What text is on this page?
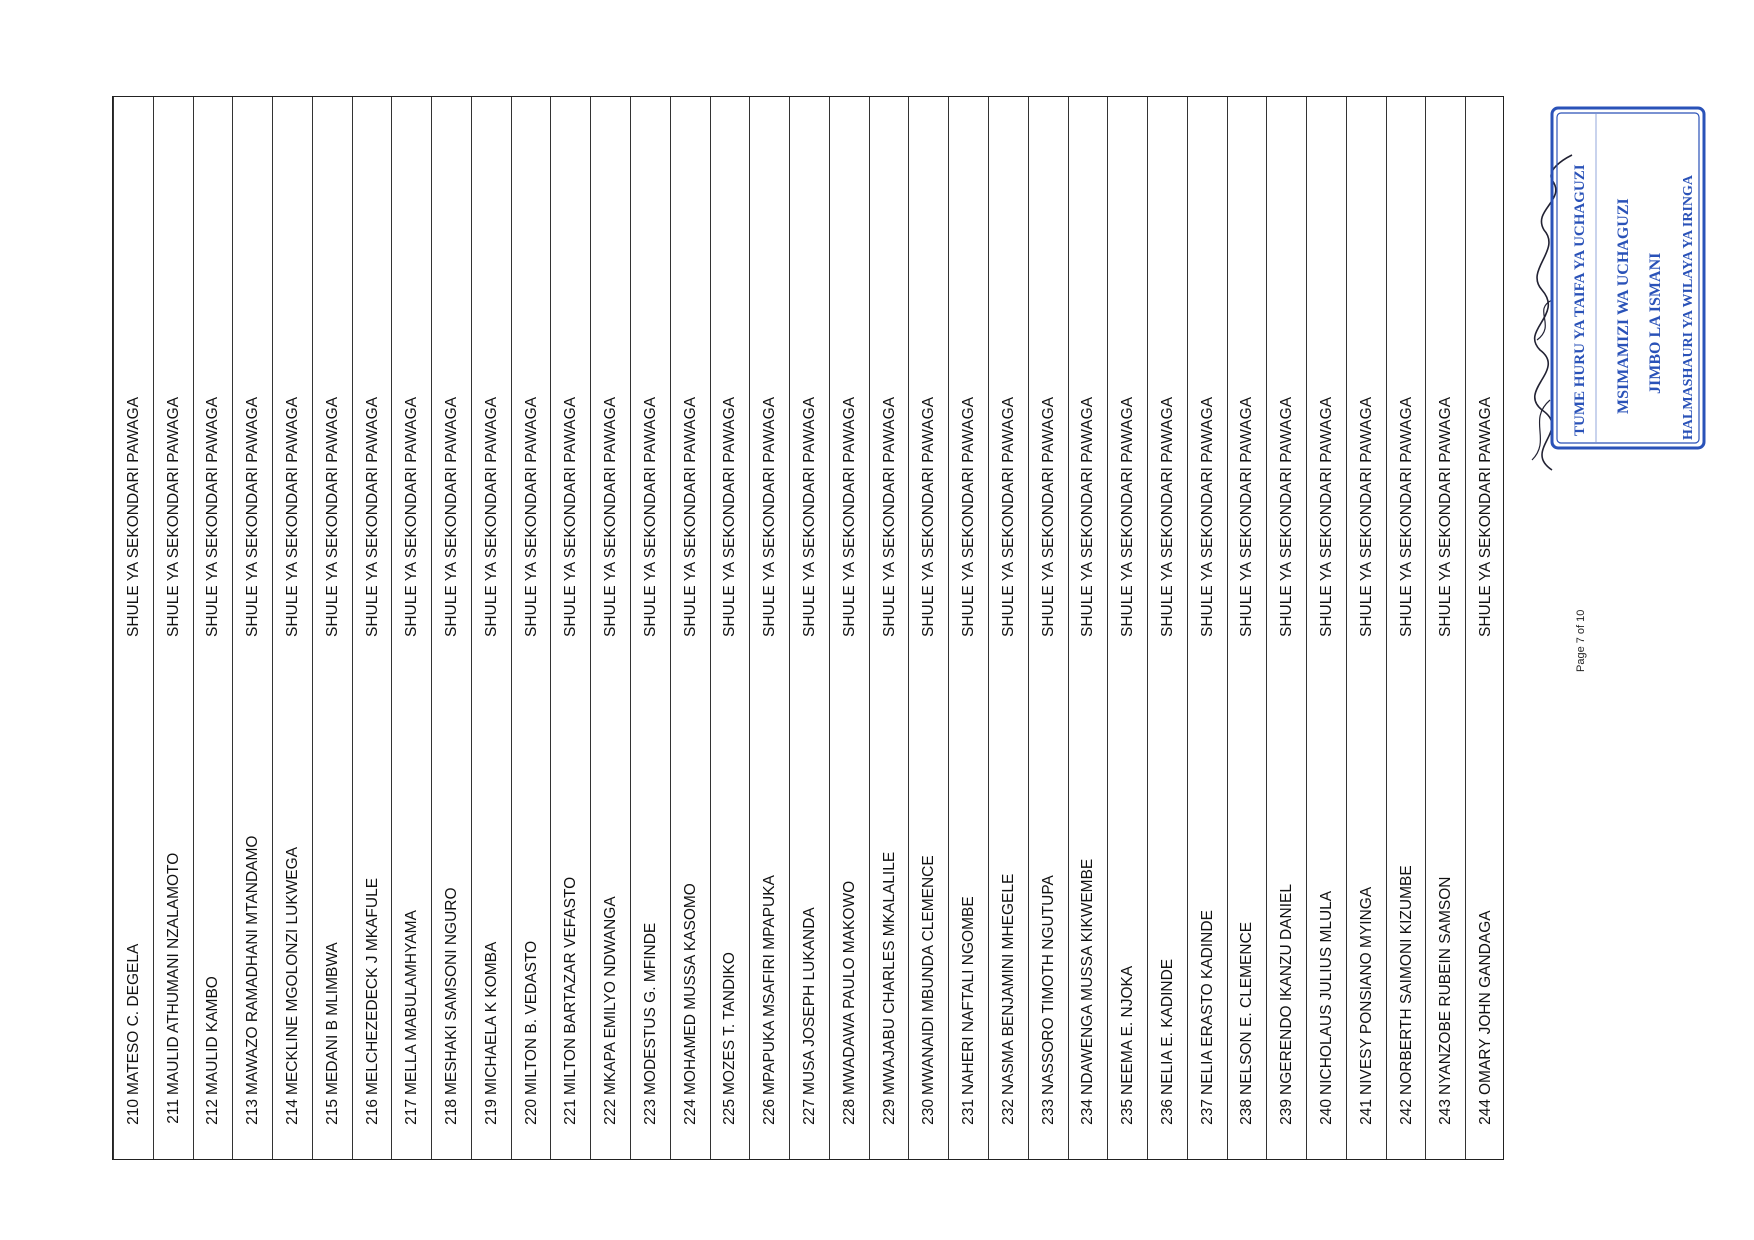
210
MATESO C. DEGELA
SHULE YA SEKONDARI PAWAGA
211
MAULID ATHUMANI NZALAMOTO
SHULE YA SEKONDARI PAWAGA
212
MAULID KAMBO
SHULE YA SEKONDARI PAWAGA
213
MAWAZO RAMADHANI MTANDAMO
SHULE YA SEKONDARI PAWAGA
214
MECKLINE MGOLONZI LUKWEGA
SHULE YA SEKONDARI PAWAGA
215
MEDANI B MLIMBWA
SHULE YA SEKONDARI PAWAGA
216
MELCHEZEDECK J MKAFULE
SHULE YA SEKONDARI PAWAGA
217
MELLA MABULAMHYAMA
SHULE YA SEKONDARI PAWAGA
218
MESHAKI SAMSONI NGURO
SHULE YA SEKONDARI PAWAGA
219
MICHAELA K KOMBA
SHULE YA SEKONDARI PAWAGA
220
MILTON B. VEDASTO
SHULE YA SEKONDARI PAWAGA
221
MILTON BARTAZAR VEFASTO
SHULE YA SEKONDARI PAWAGA
222
MKAPA EMILYO NDWANGA
SHULE YA SEKONDARI PAWAGA
223
MODESTUS G. MFINDE
SHULE YA SEKONDARI PAWAGA
224
MOHAMED MUSSA KASOMO
SHULE YA SEKONDARI PAWAGA
225
MOZES T. TANDIKO
SHULE YA SEKONDARI PAWAGA
226
MPAPUKA MSAFIRI MPAPUKA
SHULE YA SEKONDARI PAWAGA
227
MUSA JOSEPH LUKANDA
SHULE YA SEKONDARI PAWAGA
228
MWADAWA PAULO MAKOWO
SHULE YA SEKONDARI PAWAGA
229
MWAJABU CHARLES MKALALILE
SHULE YA SEKONDARI PAWAGA
230
MWANAIDI MBUNDA CLEMENCE
SHULE YA SEKONDARI PAWAGA
231
NAHERI NAFTALI NGOMBE
SHULE YA SEKONDARI PAWAGA
232
NASMA BENJAMINI MHEGELE
SHULE YA SEKONDARI PAWAGA
233
NASSORO TIMOTH NGUTUPA
SHULE YA SEKONDARI PAWAGA
234
NDAWENGA MUSSA KIKWEMBE
SHULE YA SEKONDARI PAWAGA
235
NEEMA E. NJOKA
SHULE YA SEKONDARI PAWAGA
236
NELIA E. KADINDE
SHULE YA SEKONDARI PAWAGA
237
NELIA ERASTO KADINDE
SHULE YA SEKONDARI PAWAGA
238
NELSON E. CLEMENCE
SHULE YA SEKONDARI PAWAGA
239
NGERENDO IKANZU DANIEL
SHULE YA SEKONDARI PAWAGA
240
NICHOLAUS JULIUS MLULA
SHULE YA SEKONDARI PAWAGA
241
NIVESY PONSIANO MYINGA
SHULE YA SEKONDARI PAWAGA
242
NORBERTH SAIMONI KIZUMBE
SHULE YA SEKONDARI PAWAGA
243
NYANZOBE RUBEIN SAMSON
SHULE YA SEKONDARI PAWAGA
244
OMARY JOHN GANDAGA
SHULE YA SEKONDARI PAWAGA
Page 7 of 10
TUME HURU YA TAIFA YA UCHAGUZI MSIMAMIZI WA UCHAGUZI JIMBO LA ISMANI HALMASHAURI YA WILAYA YA IRINGA
